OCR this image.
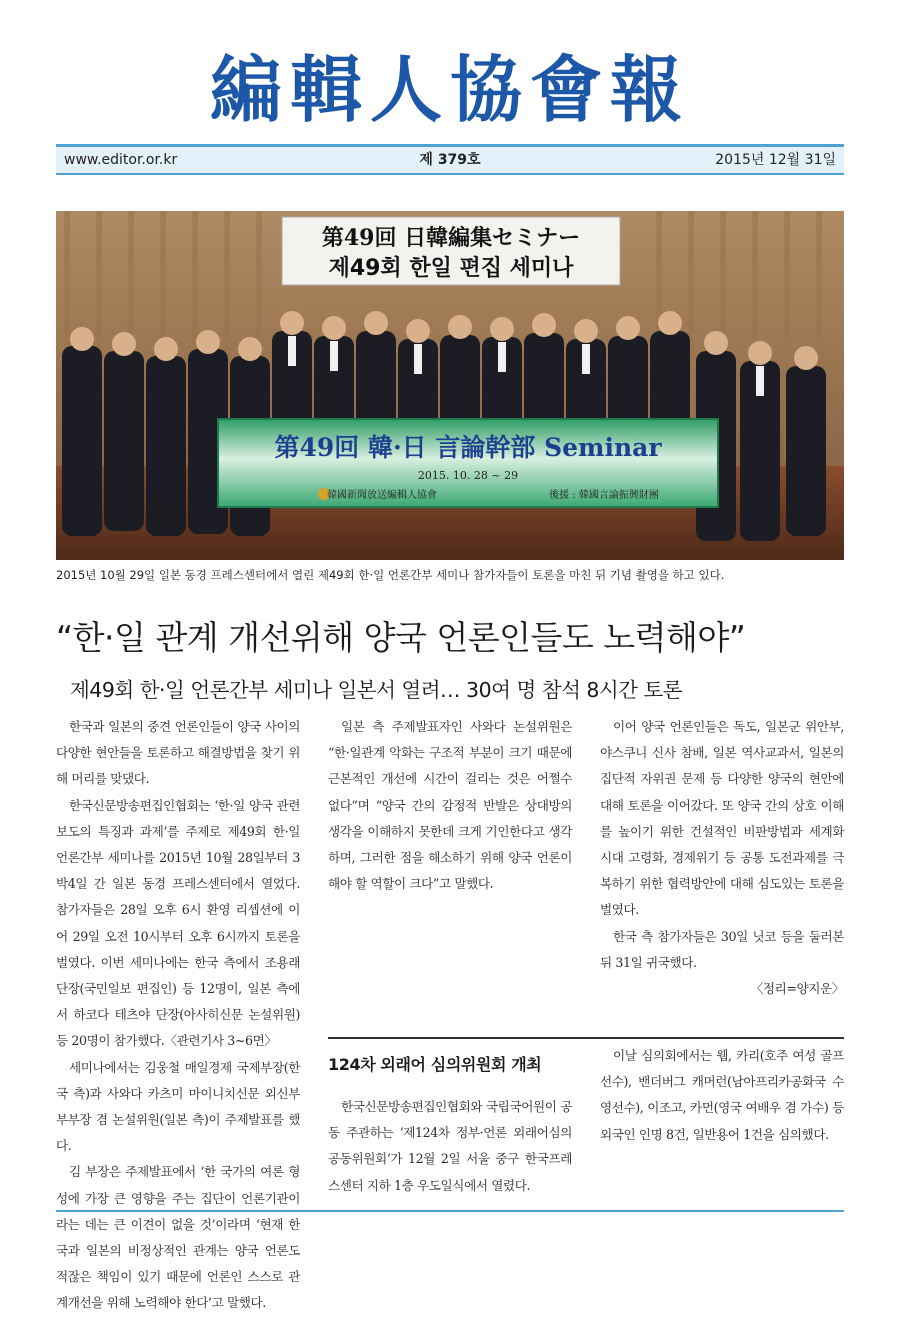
編輯人協會報
www.editor.or.kr	제 379호	2015년 12월 31일
第49回 日韓編集セミナー
제49회 한일 편집 세미나
第49回 韓·日 言論幹部 Seminar
2015. 10. 28 ~ 29
韓國新聞放送編輯人協會	後援 : 韓國言論振興財團
2015년 10월 29일 일본 동경 프레스센터에서 열린 제49회 한·일 언론간부 세미나 참가자들이 토론을 마친 뒤 기념 촬영을 하고 있다.
“한·일 관계 개선위해 양국 언론인들도 노력해야”
제49회 한·일 언론간부 세미나 일본서 열려… 30여 명 참석 8시간 토론

한국과 일본의 중견 언론인들이 양국 사이의 다양한 현안들을 토론하고 해결방법을 찾기 위해 머리를 맞댔다.

한국신문방송편집인협회는 ‘한·일 양국 관련 보도의 특징과 과제’를 주제로 제49회 한·일 언론간부 세미나를 2015년 10월 28일부터 3박4일 간 일본 동경 프레스센터에서 열었다. 참가자들은 28일 오후 6시 환영 리셉션에 이어 29일 오전 10시부터 오후 6시까지 토론을 벌였다. 이번 세미나에는 한국 측에서 조용래 단장(국민일보 편집인) 등 12명이, 일본 측에서 하코다 테츠야 단장(아사히신문 논설위원) 등 20명이 참가했다.〈관련기사 3~6면〉

세미나에서는 김웅철 매일경제 국제부장(한국 측)과 사와다 카츠미 마이니치신문 외신부 부부장 겸 논설위원(일본 측)이 주제발표를 했다.

김 부장은 주제발표에서 ‘한 국가의 여론 형성에 가장 큰 영향을 주는 집단이 언론기관이라는 데는 큰 이견이 없을 것’이라며 ‘현재 한국과 일본의 비정상적인 관계는 양국 언론도 적잖은 책임이 있기 때문에 언론인 스스로 관계개선을 위해 노력해야 한다’고 말했다.

일본 측 주제발표자인 사와다 논설위원은 “한·일관계 악화는 구조적 부분이 크기 때문에 근본적인 개선에 시간이 걸리는 것은 어쩔수 없다”며 “양국 간의 감정적 반발은 상대방의 생각을 이해하지 못한데 크게 기인한다고 생각하며, 그러한 점을 해소하기 위해 양국 언론이 해야 할 역할이 크다”고 말했다.

이어 양국 언론인들은 독도, 일본군 위안부, 야스쿠니 신사 참배, 일본 역사교과서, 일본의 집단적 자위권 문제 등 다양한 양국의 현안에 대해 토론을 이어갔다. 또 양국 간의 상호 이해를 높이기 위한 건설적인 비판방법과 세계화 시대 고령화, 경제위기 등 공통 도전과제를 극복하기 위한 협력방안에 대해 심도있는 토론을 벌였다.

한국 측 참가자들은 30일 닛코 등을 둘러본 뒤 31일 귀국했다.

〈정리=양지운〉
124차 외래어 심의위원회 개최

한국신문방송편집인협회와 국립국어원이 공동 주관하는 ‘제124차 정부·언론 외래어심의 공동위원회’가 12월 2일 서울 중구 한국프레스센터 지하 1층 우도일식에서 열렸다.

이날 심의회에서는 웹, 카리(호주 여성 골프선수), 밴더버그 캐머런(남아프리카공화국 수영선수), 이조고, 카먼(영국 여배우 겸 가수) 등 외국인 인명 8건, 일반용어 1건을 심의했다.
